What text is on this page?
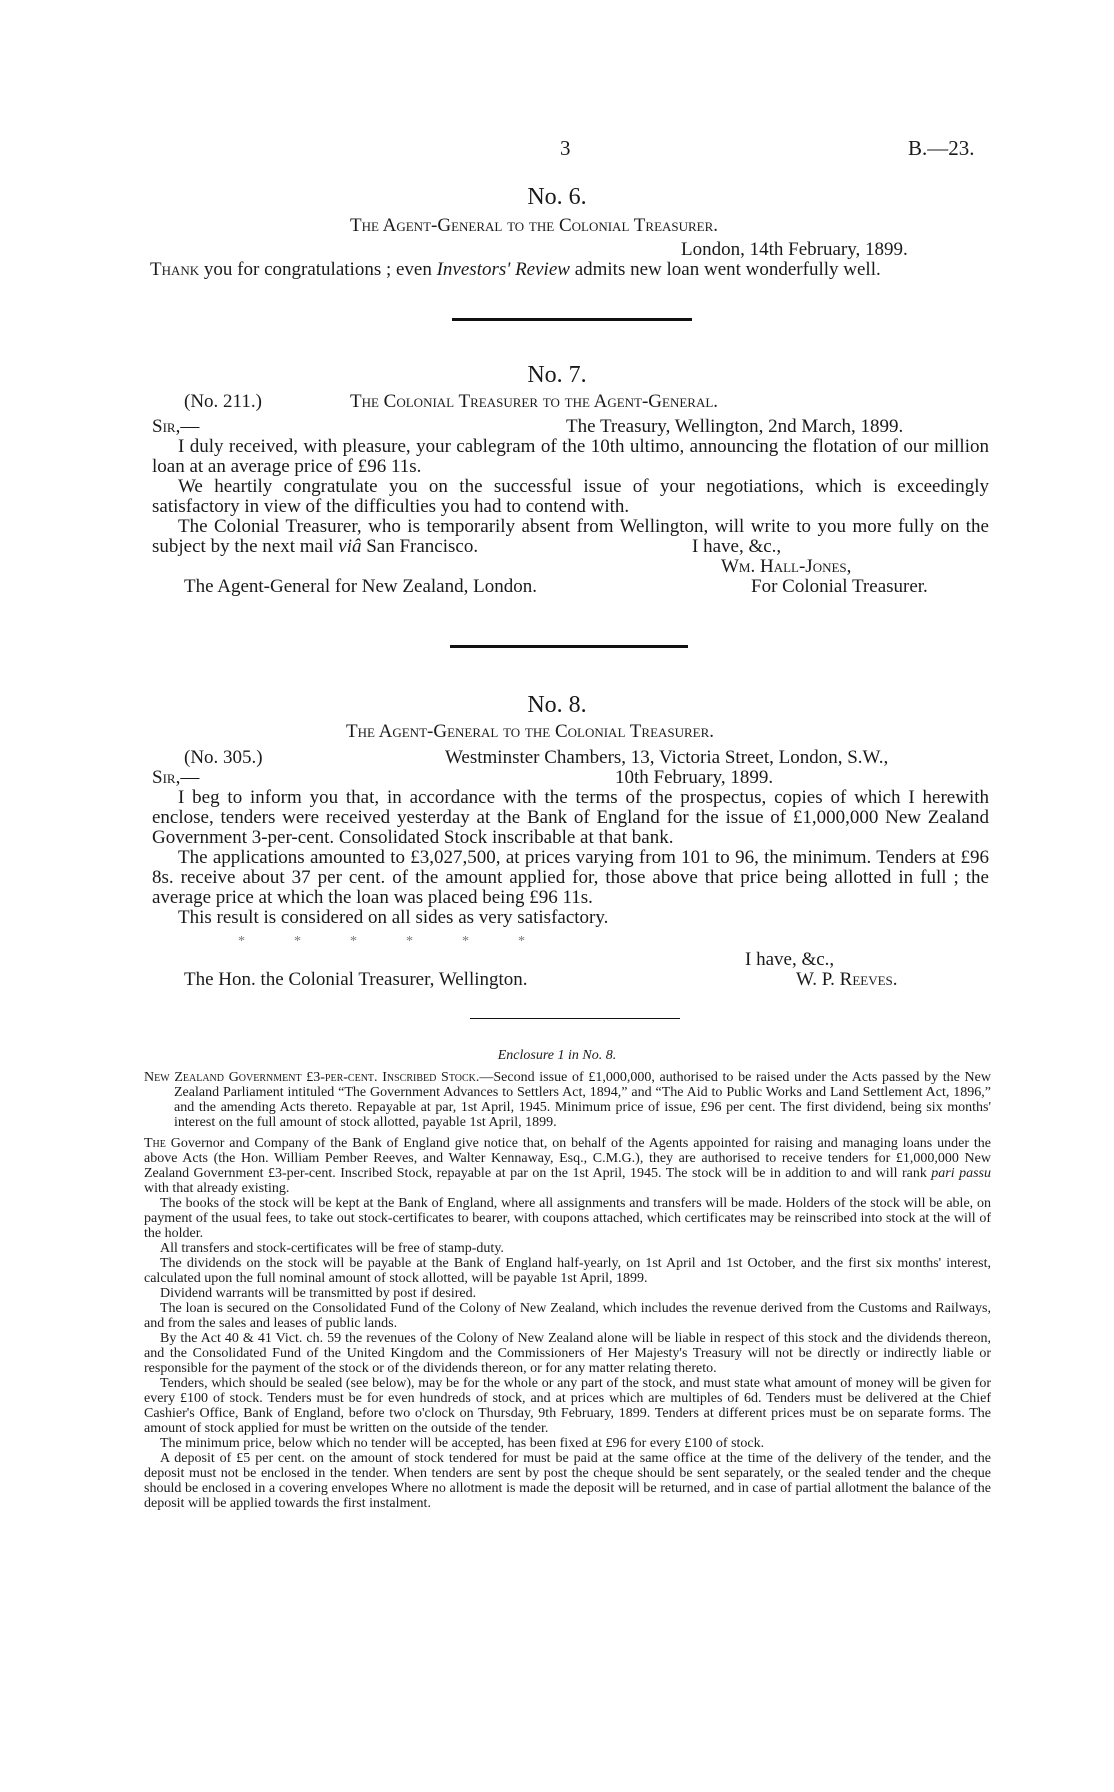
3	B.—23.
No. 6.
The Agent-General to the Colonial Treasurer.
London, 14th February, 1899.
Thank you for congratulations ; even Investors' Review admits new loan went wonderfully well.
No. 7.
(No. 211.)	The Colonial Treasurer to the Agent-General.
Sir,—	The Treasury, Wellington, 2nd March, 1899.

I duly received, with pleasure, your cablegram of the 10th ultimo, announcing the flotation of our million loan at an average price of £96 11s.

We heartily congratulate you on the successful issue of your negotiations, which is exceedingly satisfactory in view of the difficulties you had to contend with.

The Colonial Treasurer, who is temporarily absent from Wellington, will write to you more fully on the subject by the next mail viâ San Francisco.	I have, &c.,
Wm. Hall-Jones,
The Agent-General for New Zealand, London.	For Colonial Treasurer.
No. 8.
The Agent-General to the Colonial Treasurer.
(No. 305.)	Westminster Chambers, 13, Victoria Street, London, S.W.,
Sir,—	10th February, 1899.

I beg to inform you that, in accordance with the terms of the prospectus, copies of which I herewith enclose, tenders were received yesterday at the Bank of England for the issue of £1,000,000 New Zealand Government 3-per-cent. Consolidated Stock inscribable at that bank.

The applications amounted to £3,027,500, at prices varying from 101 to 96, the minimum. Tenders at £96 8s. receive about 37 per cent. of the amount applied for, those above that price being allotted in full ; the average price at which the loan was placed being £96 11s.

This result is considered on all sides as very satisfactory.

*              *              *              *              *              *
I have, &c.,
The Hon. the Colonial Treasurer, Wellington.	W. P. Reeves.
Enclosure 1 in No. 8.

New Zealand Government £3-per-cent. Inscribed Stock.—Second issue of £1,000,000, authorised to be raised under the Acts passed by the New Zealand Parliament intituled “The Government Advances to Settlers Act, 1894,” and “The Aid to Public Works and Land Settlement Act, 1896,” and the amending Acts thereto. Repayable at par, 1st April, 1945. Minimum price of issue, £96 per cent. The first dividend, being six months' interest on the full amount of stock allotted, payable 1st April, 1899.

The Governor and Company of the Bank of England give notice that, on behalf of the Agents appointed for raising and managing loans under the above Acts (the Hon. William Pember Reeves, and Walter Kennaway, Esq., C.M.G.), they are authorised to receive tenders for £1,000,000 New Zealand Government £3-per-cent. Inscribed Stock, repayable at par on the 1st April, 1945. The stock will be in addition to and will rank pari passu with that already existing.

The books of the stock will be kept at the Bank of England, where all assignments and transfers will be made. Holders of the stock will be able, on payment of the usual fees, to take out stock-certificates to bearer, with coupons attached, which certificates may be reinscribed into stock at the will of the holder.

All transfers and stock-certificates will be free of stamp-duty.

The dividends on the stock will be payable at the Bank of England half-yearly, on 1st April and 1st October, and the first six months' interest, calculated upon the full nominal amount of stock allotted, will be payable 1st April, 1899.

Dividend warrants will be transmitted by post if desired.

The loan is secured on the Consolidated Fund of the Colony of New Zealand, which includes the revenue derived from the Customs and Railways, and from the sales and leases of public lands.

By the Act 40 & 41 Vict. ch. 59 the revenues of the Colony of New Zealand alone will be liable in respect of this stock and the dividends thereon, and the Consolidated Fund of the United Kingdom and the Commissioners of Her Majesty's Treasury will not be directly or indirectly liable or responsible for the payment of the stock or of the dividends thereon, or for any matter relating thereto.

Tenders, which should be sealed (see below), may be for the whole or any part of the stock, and must state what amount of money will be given for every £100 of stock. Tenders must be for even hundreds of stock, and at prices which are multiples of 6d. Tenders must be delivered at the Chief Cashier's Office, Bank of England, before two o'clock on Thursday, 9th February, 1899. Tenders at different prices must be on separate forms. The amount of stock applied for must be written on the outside of the tender.

The minimum price, below which no tender will be accepted, has been fixed at £96 for every £100 of stock.

A deposit of £5 per cent. on the amount of stock tendered for must be paid at the same office at the time of the delivery of the tender, and the deposit must not be enclosed in the tender. When tenders are sent by post the cheque should be sent separately, or the sealed tender and the cheque should be enclosed in a covering envelopes Where no allotment is made the deposit will be returned, and in case of partial allotment the balance of the deposit will be applied towards the first instalment.
